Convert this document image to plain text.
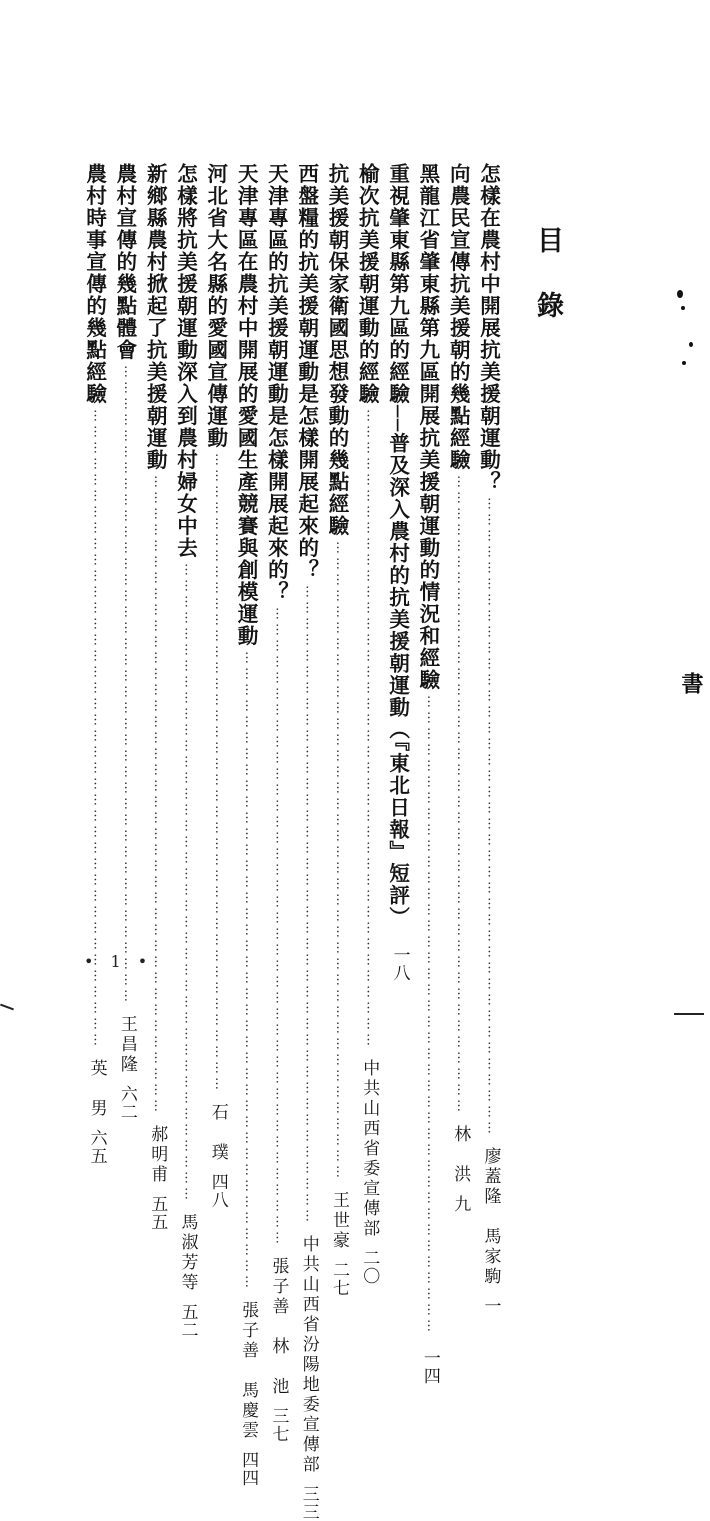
目錄
怎樣在農村中開展抗美援朝運動？
…………………………………………………………………………………………………………
廖蓋隆　馬家駒
一
向農民宣傳抗美援朝的幾點經驗
…………………………………………………………………………………………………………
林　洪
九
黑龍江省肇東縣第九區開展抗美援朝運動的情況和經驗
…………………………………………………………………………………………………………
一四
重視肇東縣第九區的經驗──普及深入農村的抗美援朝運動（『東北日報』短評）
一八
榆次抗美援朝運動的經驗
…………………………………………………………………………………………………………
中共山西省委宣傳部
二〇
抗美援朝保家衛國思想發動的幾點經驗
…………………………………………………………………………………………………………
王世豪
二七
西盤糧的抗美援朝運動是怎樣開展起來的？
…………………………………………………………………………………………………………
中共山西省汾陽地委宣傳部
三三
天津專區的抗美援朝運動是怎樣開展起來的？
…………………………………………………………………………………………………………
張子善　林　池
三七
天津專區在農村中開展的愛國生產競賽與創模運動
…………………………………………………………………………………………………………
張子善　馬慶雲
四四
河北省大名縣的愛國宣傳運動
…………………………………………………………………………………………………………
石　璞
四八
怎樣將抗美援朝運動深入到農村婦女中去
…………………………………………………………………………………………………………
馬淑芳等
五二
新鄉縣農村掀起了抗美援朝運動
…………………………………………………………………………………………………………
郝明甫
五五
農村宣傳的幾點體會
…………………………………………………………………………………………………………
王昌隆
六二
農村時事宣傳的幾點經驗
…………………………………………………………………………………………………………
英　男
六五
• 1 •
書
